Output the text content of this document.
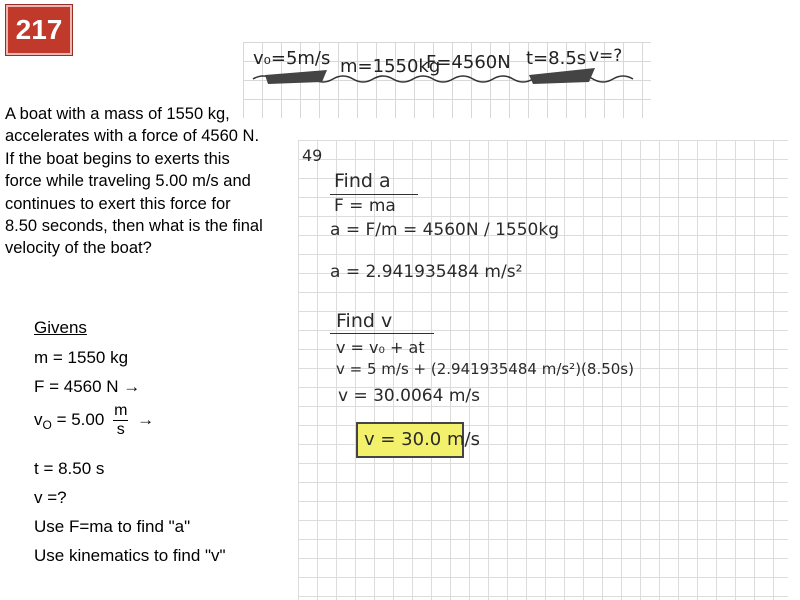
217
v₀=5m/s m=1550kg
F=4560N t=8.5s v=?
A boat with a mass of 1550 kg, accelerates with a force of 4560 N. If the boat begins to exerts this force while traveling 5.00 m/s and continues to exert this force for 8.50 seconds, then what is the final velocity of the boat?
Givens
m = 1550 kg
F = 4560 N →
$v_O = 5.00 \frac{m}{s}$ →
t = 8.50 s
v =?
Use F=ma to find "a"
Use kinematics to find "v"
49
Find a
F = ma
a = F/m = 4560N / 1550kg
a = 2.941935484 m/s²
Find v
v = v₀ + at
v = 5 m/s + (2.941935484 m/s²)(8.50s)
v = 30.0064 m/s
v = 30.0 m/s
